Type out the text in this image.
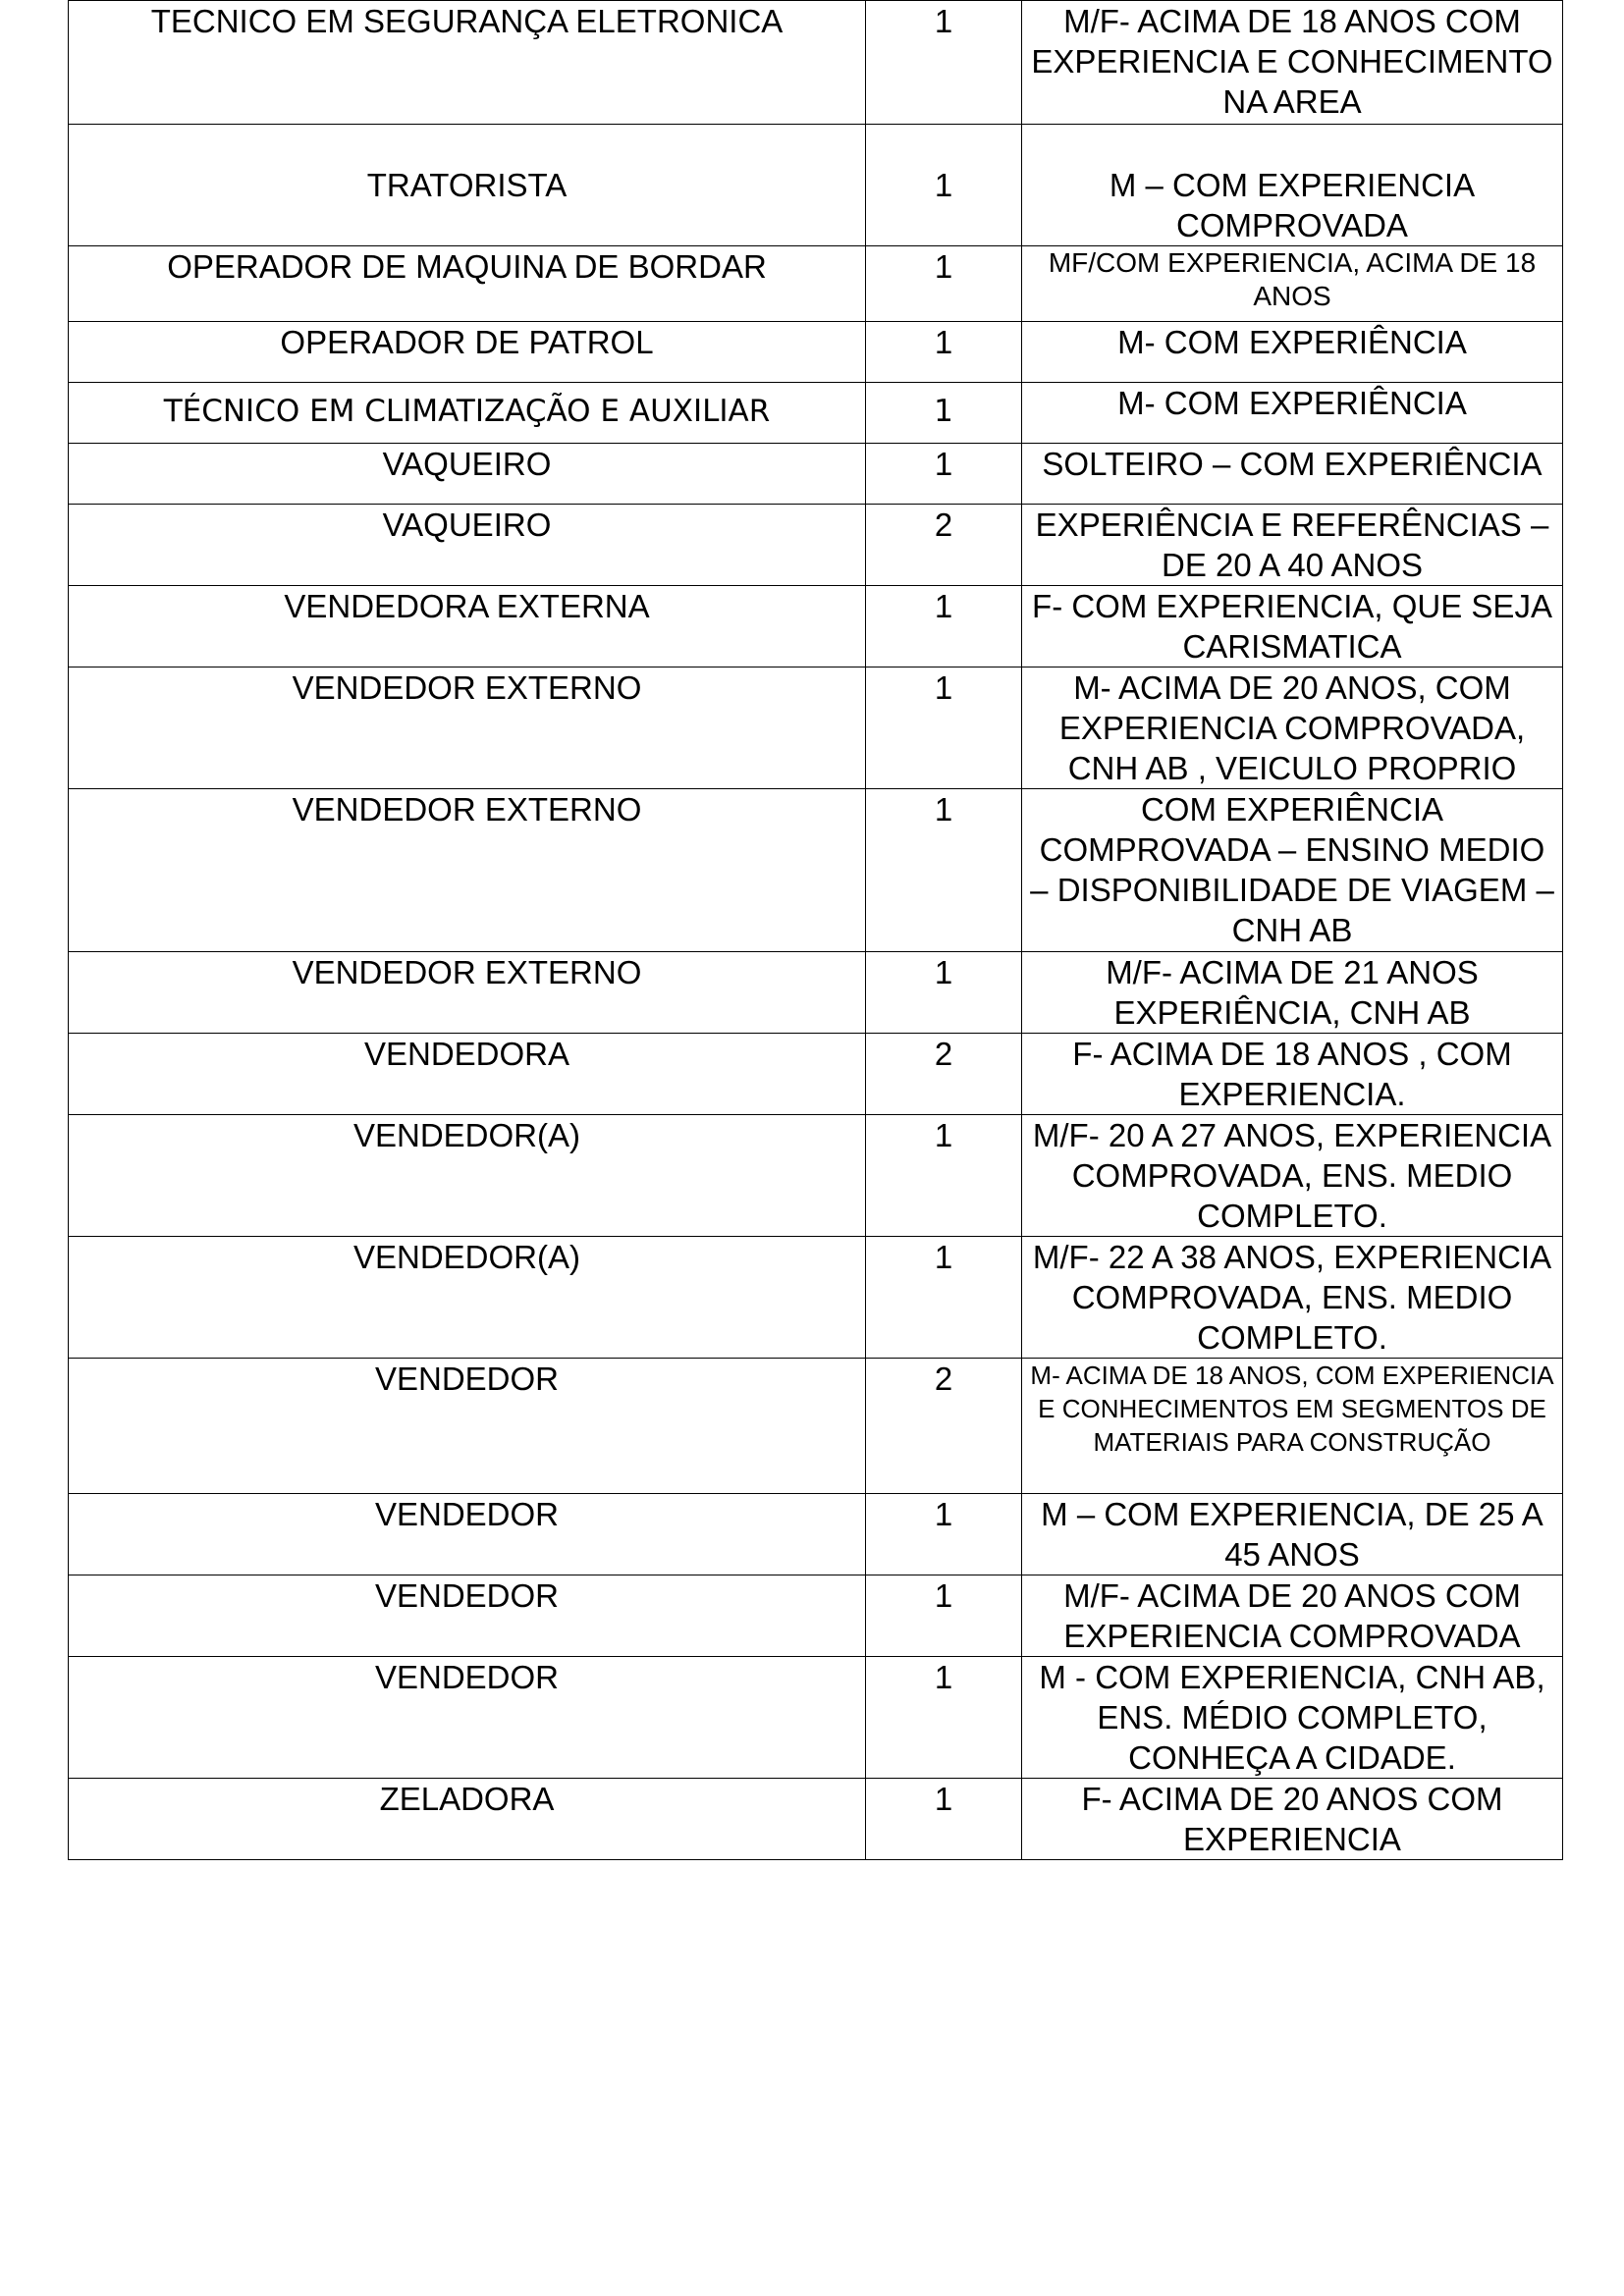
TECNICO EM SEGURANÇA ELETRONICA	1	M/F- ACIMA DE 18 ANOS COM EXPERIENCIA E CONHECIMENTO NA AREA
TRATORISTA	1	M – COM EXPERIENCIA COMPROVADA
OPERADOR DE MAQUINA DE BORDAR	1	MF/COM EXPERIENCIA, ACIMA DE 18 ANOS
OPERADOR DE PATROL	1	M- COM EXPERIÊNCIA
TÉCNICO EM CLIMATIZAÇÃO E AUXILIAR	1	M- COM EXPERIÊNCIA
VAQUEIRO	1	SOLTEIRO – COM EXPERIÊNCIA
VAQUEIRO	2	EXPERIÊNCIA E REFERÊNCIAS – DE 20 A 40 ANOS
VENDEDORA EXTERNA	1	F- COM EXPERIENCIA, QUE SEJA CARISMATICA
VENDEDOR EXTERNO	1	M- ACIMA DE 20 ANOS, COM EXPERIENCIA COMPROVADA, CNH AB , VEICULO PROPRIO
VENDEDOR EXTERNO	1	COM EXPERIÊNCIA COMPROVADA – ENSINO MEDIO – DISPONIBILIDADE DE VIAGEM – CNH AB
VENDEDOR EXTERNO	1	M/F- ACIMA DE 21 ANOS EXPERIÊNCIA, CNH AB
VENDEDORA	2	F- ACIMA DE 18 ANOS , COM EXPERIENCIA.
VENDEDOR(A)	1	M/F- 20 A 27 ANOS, EXPERIENCIA COMPROVADA, ENS. MEDIO COMPLETO.
VENDEDOR(A)	1	M/F- 22 A 38 ANOS, EXPERIENCIA COMPROVADA, ENS. MEDIO COMPLETO.
VENDEDOR	2	M- ACIMA DE 18 ANOS, COM EXPERIENCIA E CONHECIMENTOS EM SEGMENTOS DE MATERIAIS PARA CONSTRUÇÃO
VENDEDOR	1	M – COM EXPERIENCIA, DE 25 A 45 ANOS
VENDEDOR	1	M/F- ACIMA DE 20 ANOS COM EXPERIENCIA COMPROVADA
VENDEDOR	1	M - COM EXPERIENCIA, CNH AB, ENS. MÉDIO COMPLETO, CONHEÇA A CIDADE.
ZELADORA	1	F- ACIMA DE 20 ANOS COM EXPERIENCIA
